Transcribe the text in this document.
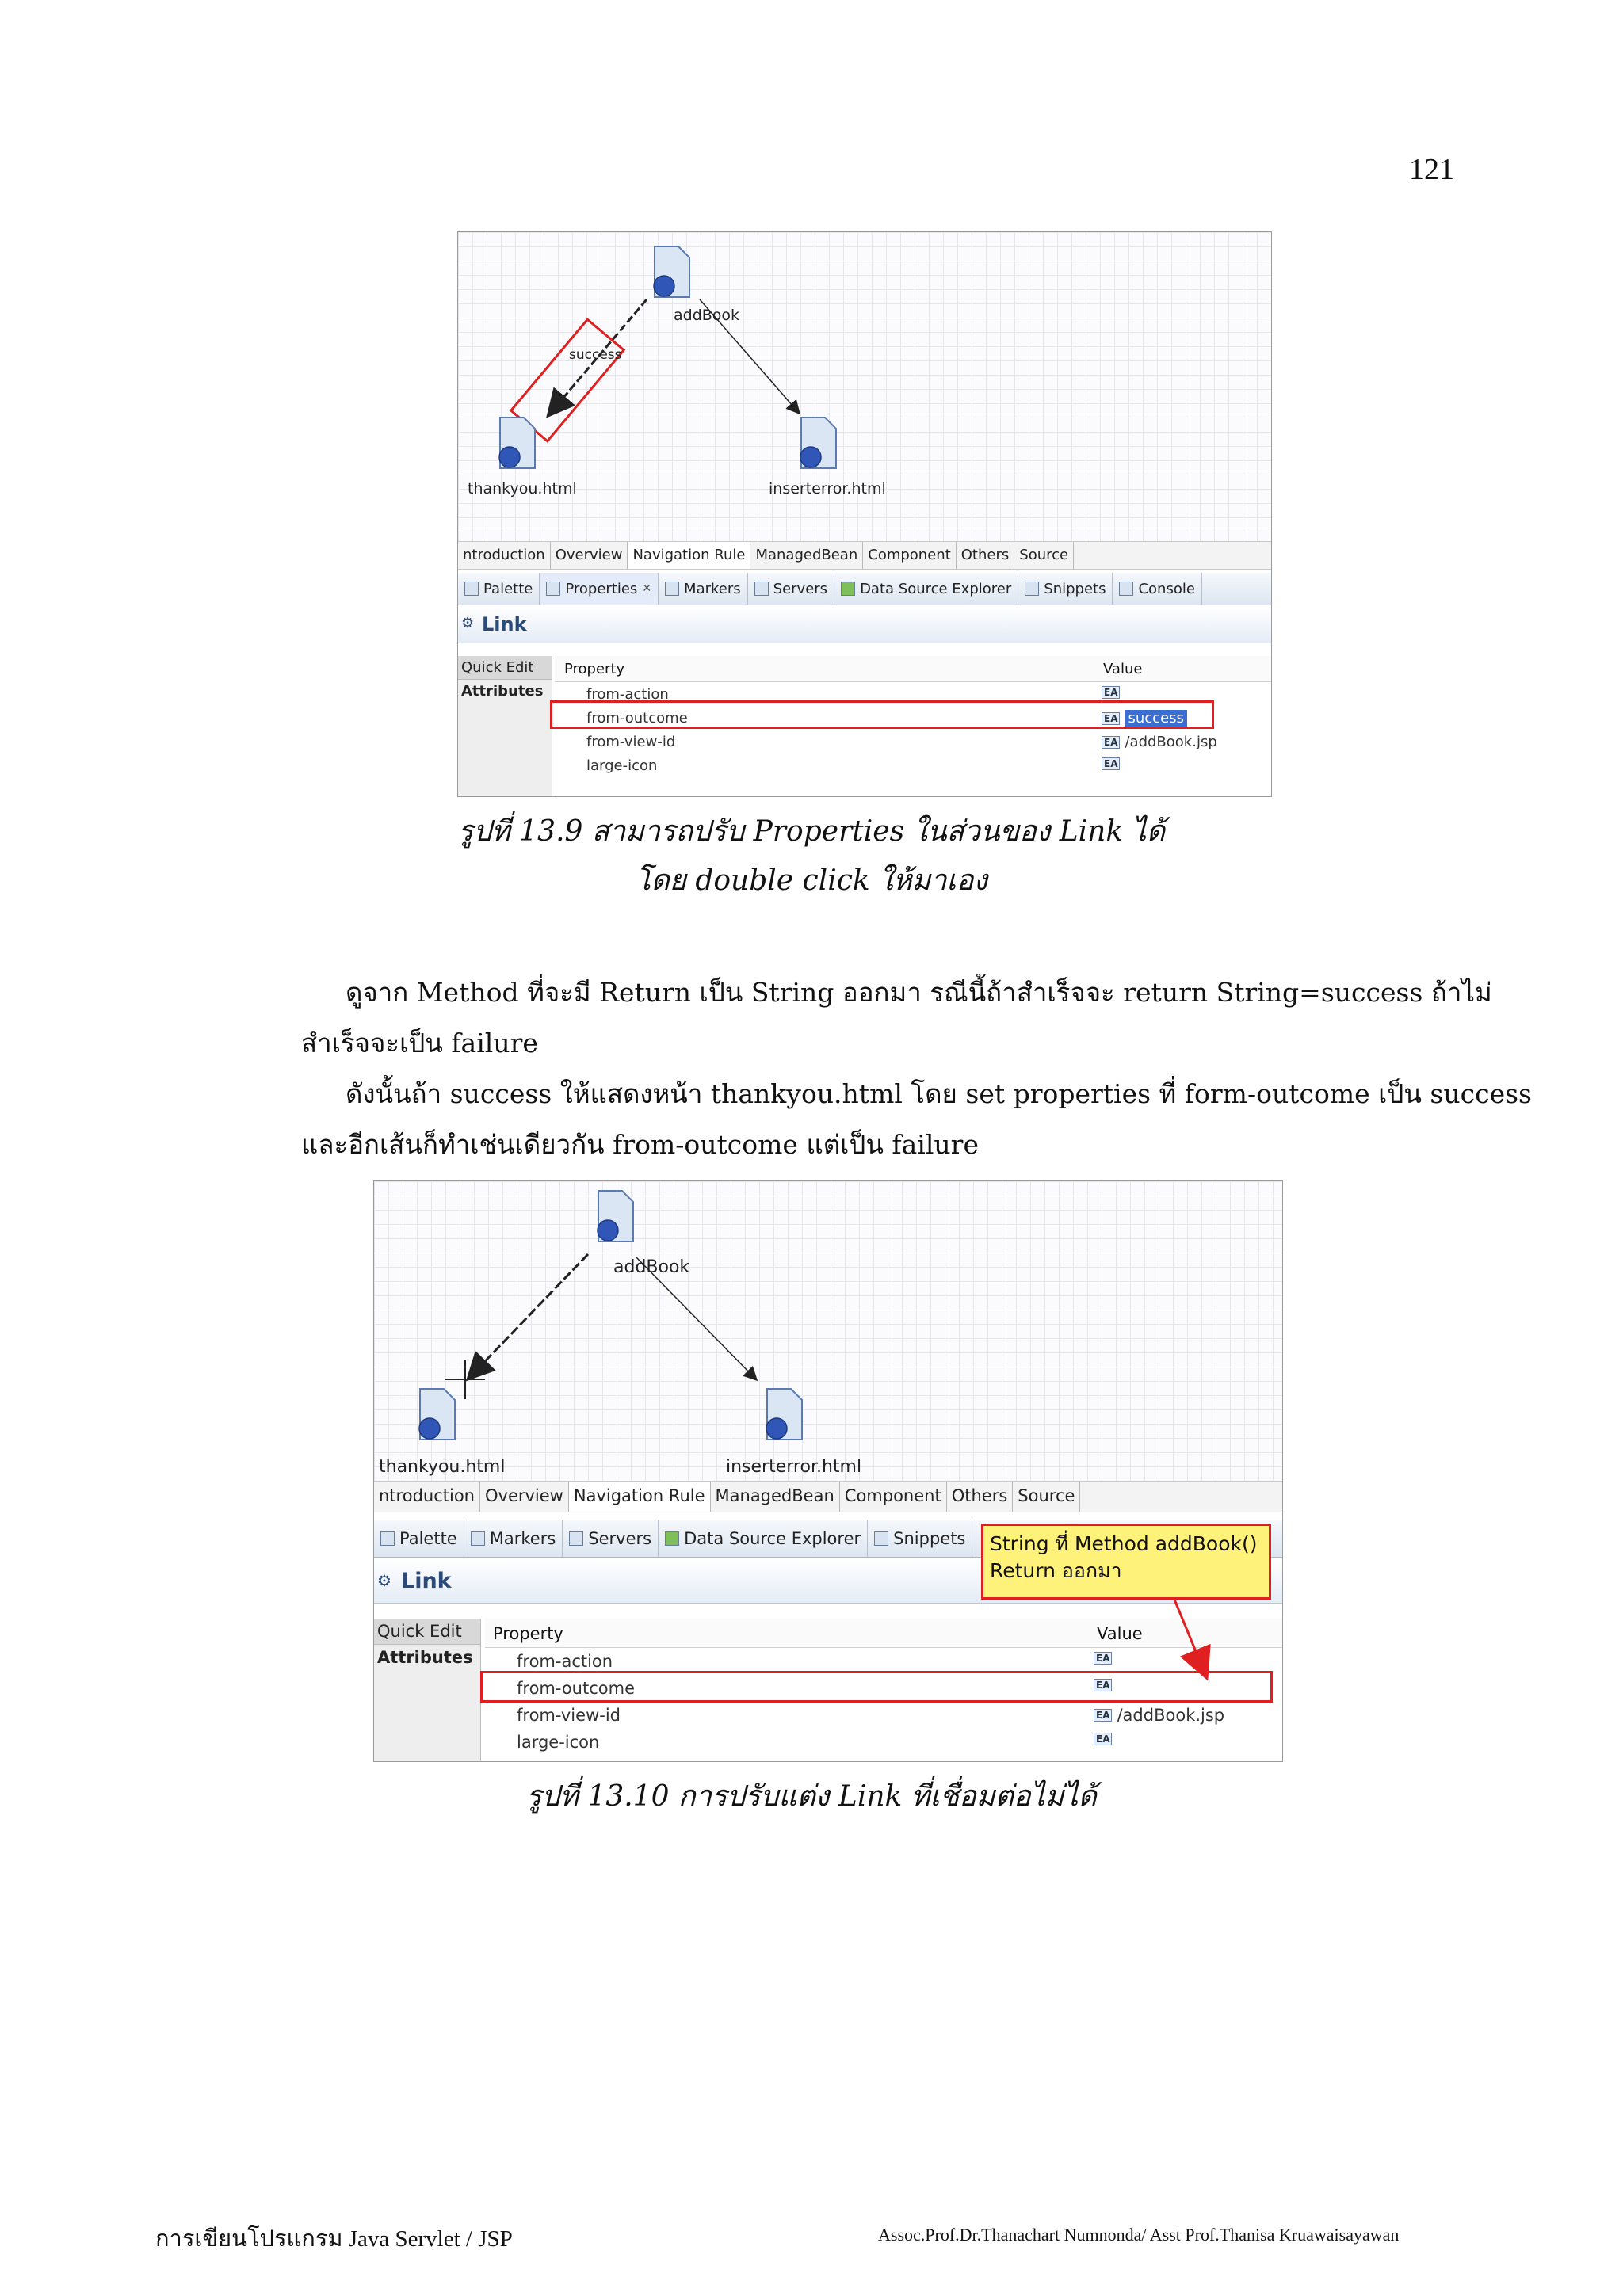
121
addBook
thankyou.html	inserterror.html
success
ntroduction Overview Navigation Rule ManagedBean Component Others Source
Palette Properties ✕ Markers Servers Data Source Explorer Snippets Console
⚙ Link
Quick Edit
Attributes
Property	Value
from-action	EA
from-outcome	EA success
from-view-id	EA /addBook.jsp
large-icon	EA
รูปที่ 13.9 สามารถปรับ Properties ในส่วนของ Link ได้
โดย double click ให้มาเอง
ดูจาก Method ที่จะมี Return เป็น String ออกมา รณีนี้ถ้าสำเร็จจะ return String=success ถ้าไม่
สำเร็จจะเป็น failure
ดังนั้นถ้า success ให้แสดงหน้า thankyou.html โดย set properties ที่ form-outcome เป็น success
และอีกเส้นก็ทำเช่นเดียวกัน from-outcome แต่เป็น failure
addBook
thankyou.html	inserterror.html
ntroduction Overview Navigation Rule ManagedBean Component Others Source
Palette Markers Servers Data Source Explorer Snippets
⚙ Link
String ที่ Method addBook()
Return ออกมา
Quick Edit
Attributes
Property	Value
from-action	EA
from-outcome	EA
from-view-id	EA /addBook.jsp
large-icon	EA
รูปที่ 13.10 การปรับแต่ง Link ที่เชื่อมต่อไม่ได้
การเขียนโปรแกรม Java Servlet / JSP	Assoc.Prof.Dr.Thanachart Numnonda/ Asst Prof.Thanisa Kruawaisayawan
